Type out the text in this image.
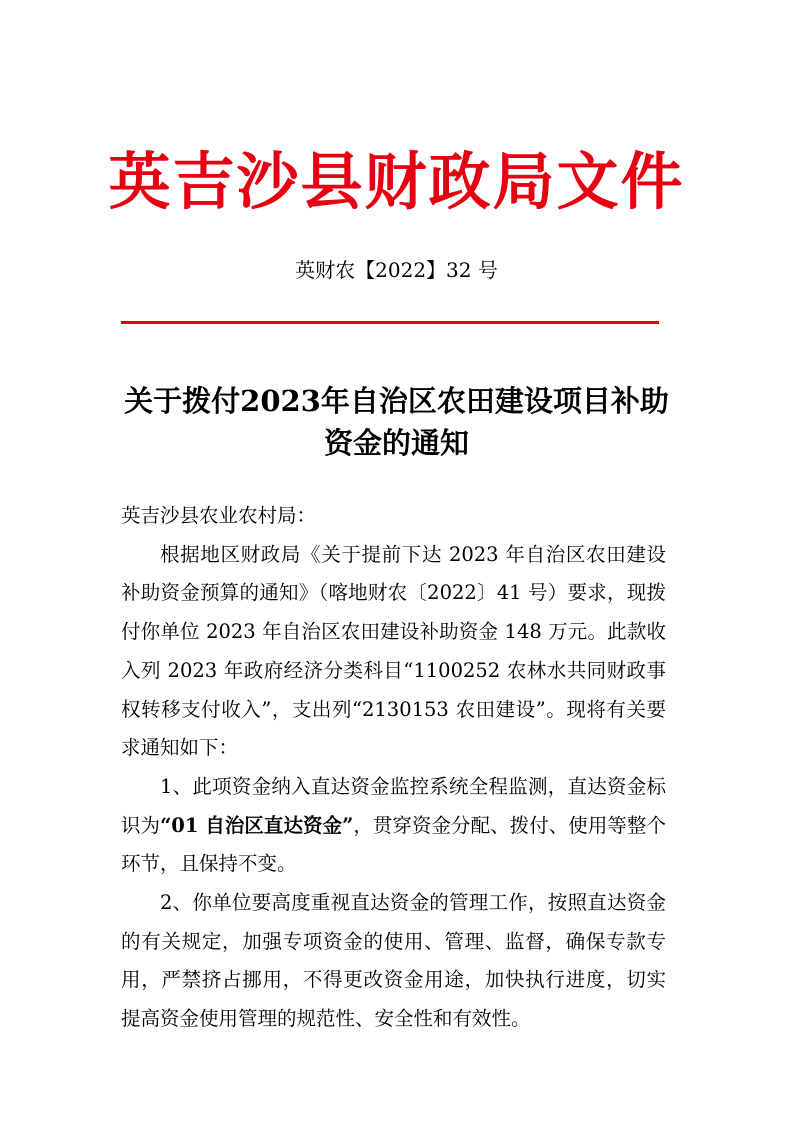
英吉沙县财政局文件
英财农【2022】32 号
关于拨付2023年自治区农田建设项目补助
资金的通知

英吉沙县农业农村局：

根据地区财政局《关于提前下达 2023 年自治区农田建设补助资金预算的通知》（喀地财农〔2022〕41 号）要求，现拨付你单位 2023 年自治区农田建设补助资金 148 万元。此款收入列 2023 年政府经济分类科目“1100252 农林水共同财政事权转移支付收入”，支出列“2130153 农田建设”。现将有关要求通知如下：

1、此项资金纳入直达资金监控系统全程监测，直达资金标识为“01 自治区直达资金”，贯穿资金分配、拨付、使用等整个环节，且保持不变。

2、你单位要高度重视直达资金的管理工作，按照直达资金的有关规定，加强专项资金的使用、管理、监督，确保专款专用，严禁挤占挪用，不得更改资金用途，加快执行进度，切实提高资金使用管理的规范性、安全性和有效性。
